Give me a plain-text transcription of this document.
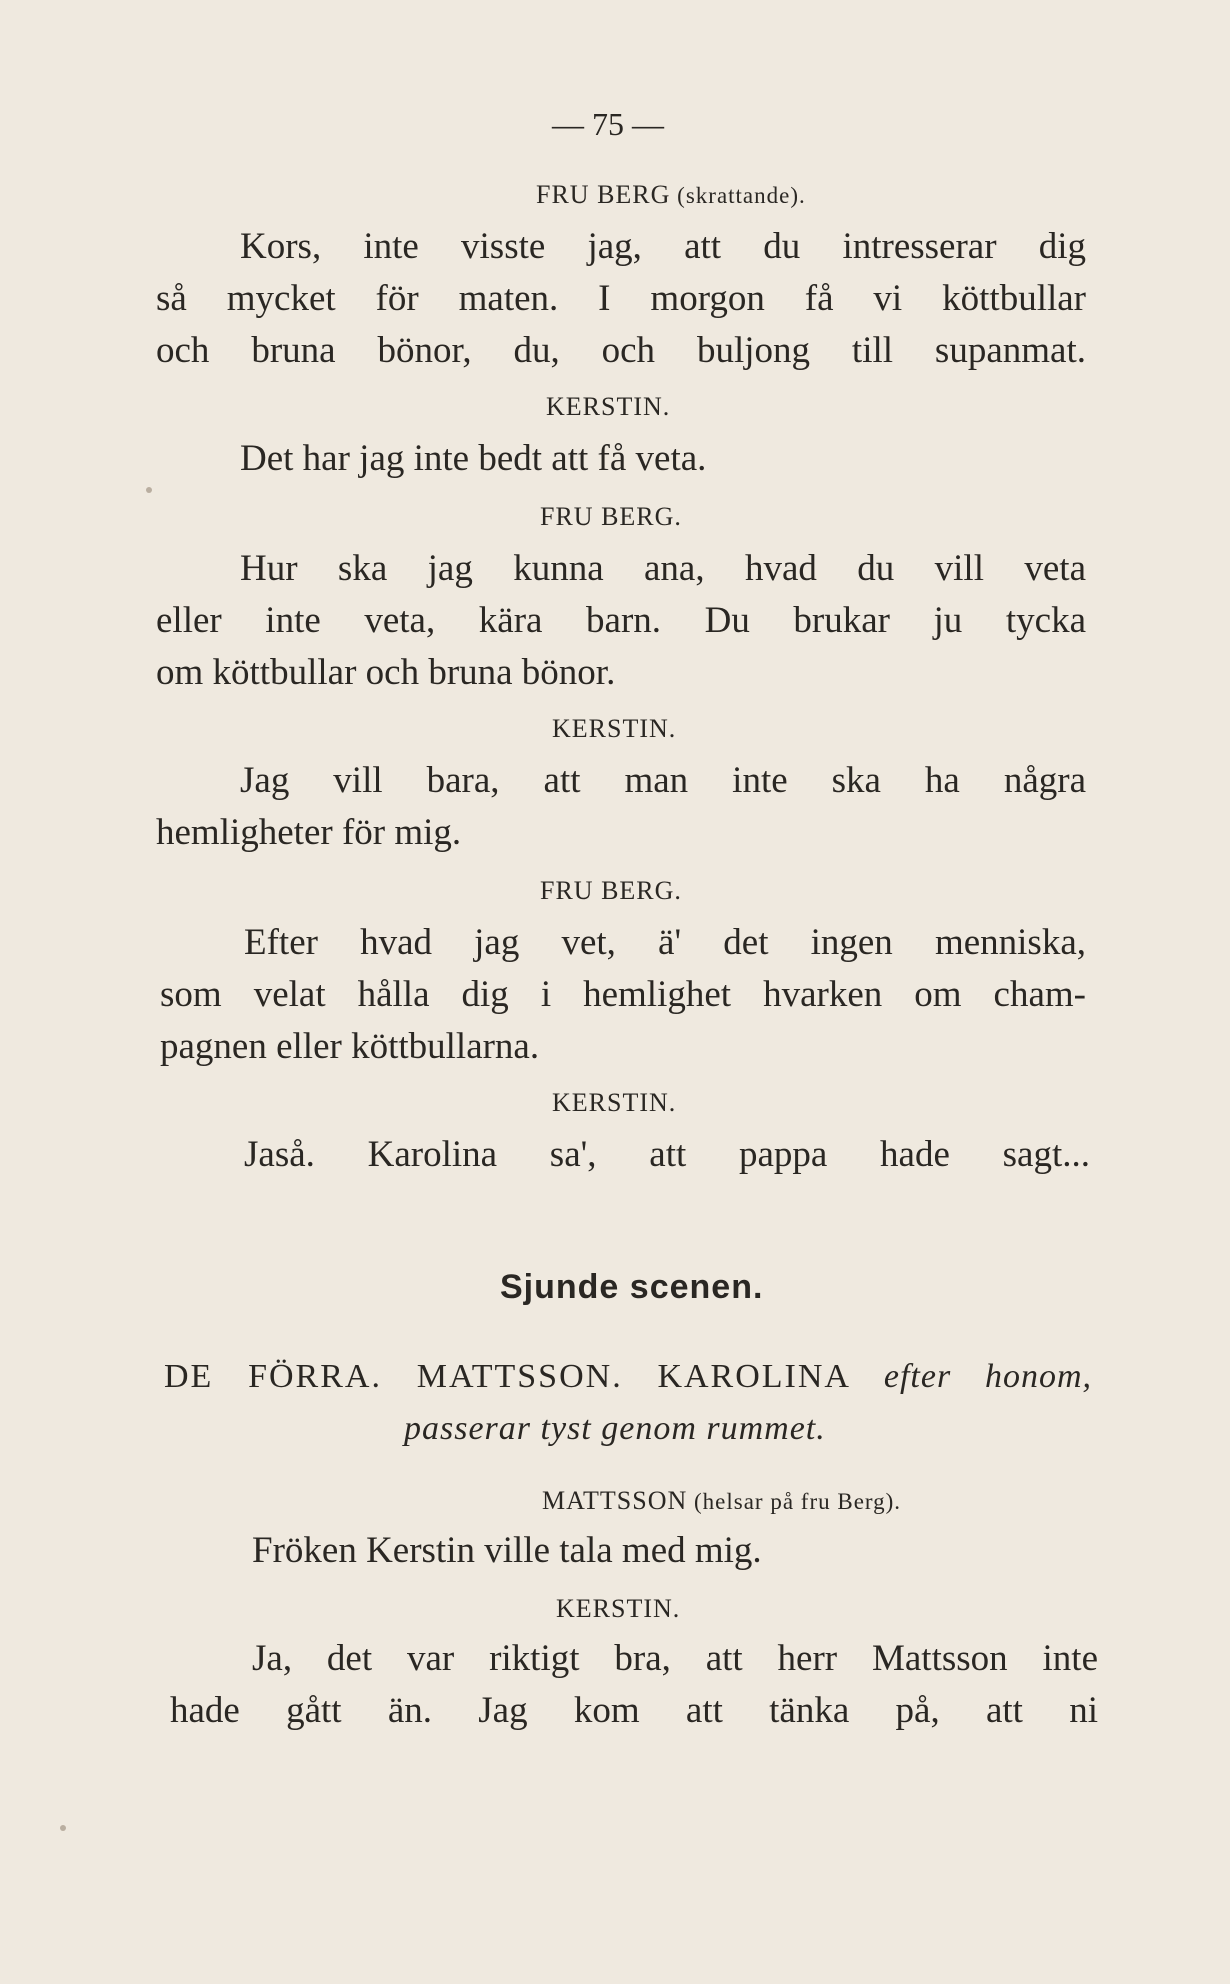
— 75 —
FRU BERG (skrattande).
Kors, inte visste jag, att du intresserar dig
så mycket för maten. I morgon få vi köttbullar
och bruna bönor, du, och buljong till supanmat.
KERSTIN.
Det har jag inte bedt att få veta.
FRU BERG.
Hur ska jag kunna ana, hvad du vill veta
eller inte veta, kära barn. Du brukar ju tycka
om köttbullar och bruna bönor.
KERSTIN.
Jag vill bara, att man inte ska ha några
hemligheter för mig.
FRU BERG.
Efter hvad jag vet, ä' det ingen menniska,
som velat hålla dig i hemlighet hvarken om cham-
pagnen eller köttbullarna.
KERSTIN.
Jaså. Karolina sa', att pappa hade sagt...
Sjunde scenen.
DE FÖRRA. MATTSSON. KAROLINA efter honom,
passerar tyst genom rummet.
MATTSSON (helsar på fru Berg).
Fröken Kerstin ville tala med mig.
KERSTIN.
Ja, det var riktigt bra, att herr Mattsson inte
hade gått än. Jag kom att tänka på, att ni
